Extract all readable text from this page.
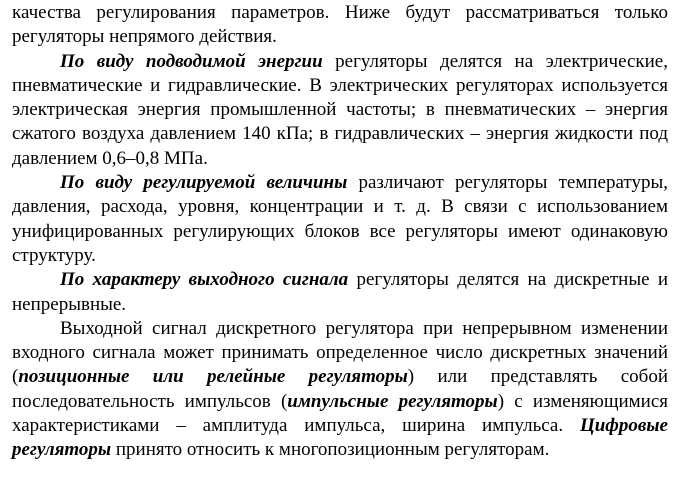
качества регулирования параметров. Ниже будут рассматриваться только регуляторы непрямого действия.

По виду подводимой энергии регуляторы делятся на электрические, пневматические и гидравлические. В электрических регуляторах используется электрическая энергия промышленной частоты; в пневматических – энергия сжатого воздуха давлением 140 кПа; в гидравлических – энергия жидкости под давлением 0,6–0,8 МПа.

По виду регулируемой величины различают регуляторы температуры, давления, расхода, уровня, концентрации и т. д. В связи с использованием унифицированных регулирующих блоков все регуляторы имеют одинаковую структуру.

По характеру выходного сигнала регуляторы делятся на дискретные и непрерывные.

Выходной сигнал дискретного регулятора при непрерывном изменении входного сигнала может принимать определенное число дискретных значений (позиционные или релейные регуляторы) или представлять собой последовательность импульсов (импульсные регуляторы) с изменяющимися характеристиками – амплитуда импульса, ширина импульса. Цифровые регуляторы принято относить к многопозиционным регуляторам.
